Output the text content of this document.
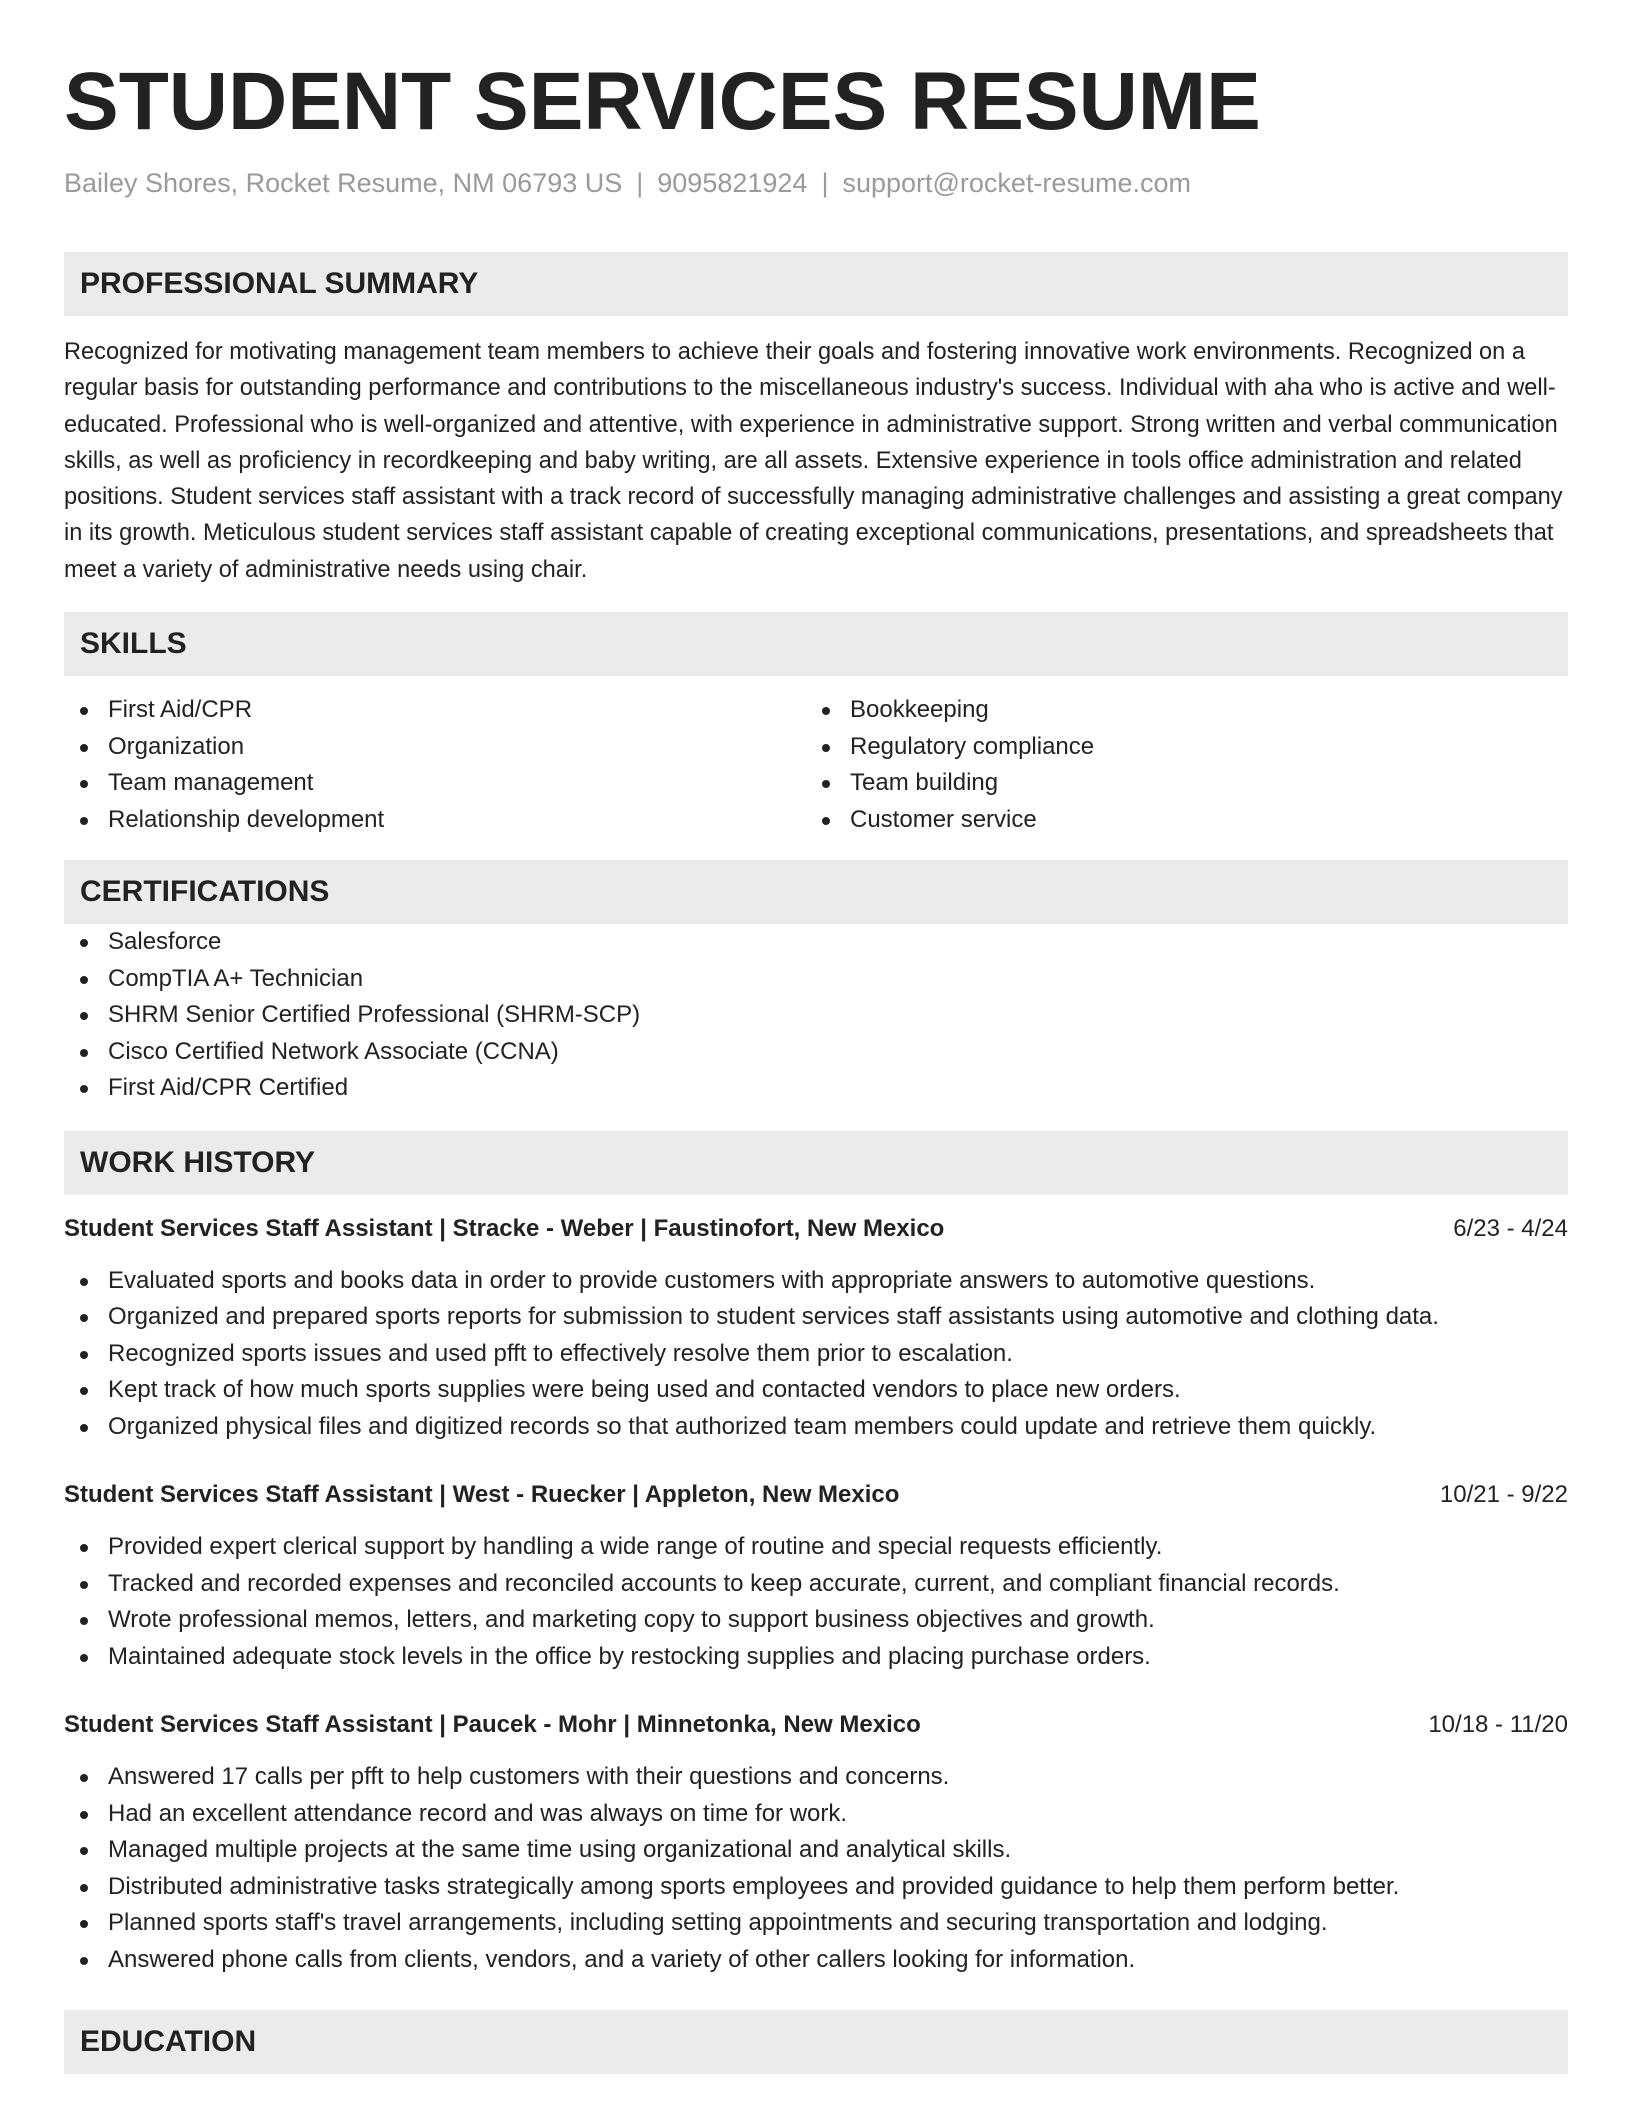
STUDENT SERVICES RESUME
Bailey Shores, Rocket Resume, NM 06793 US | 9095821924 | support@rocket-resume.com
PROFESSIONAL SUMMARY

Recognized for motivating management team members to achieve their goals and fostering innovative work environments. Recognized on a regular basis for outstanding performance and contributions to the miscellaneous industry's success. Individual with aha who is active and well-educated. Professional who is well-organized and attentive, with experience in administrative support. Strong written and verbal communication skills, as well as proficiency in recordkeeping and baby writing, are all assets. Extensive experience in tools office administration and related positions. Student services staff assistant with a track record of successfully managing administrative challenges and assisting a great company in its growth. Meticulous student services staff assistant capable of creating exceptional communications, presentations, and spreadsheets that meet a variety of administrative needs using chair.

SKILLS
First Aid/CPR
Organization
Team management
Relationship development
Bookkeeping
Regulatory compliance
Team building
Customer service
CERTIFICATIONS
Salesforce
CompTIA A+ Technician
SHRM Senior Certified Professional (SHRM-SCP)
Cisco Certified Network Associate (CCNA)
First Aid/CPR Certified
WORK HISTORY
Student Services Staff Assistant | Stracke - Weber | Faustinofort, New Mexico	6/23 - 4/24
Evaluated sports and books data in order to provide customers with appropriate answers to automotive questions.
Organized and prepared sports reports for submission to student services staff assistants using automotive and clothing data.
Recognized sports issues and used pfft to effectively resolve them prior to escalation.
Kept track of how much sports supplies were being used and contacted vendors to place new orders.
Organized physical files and digitized records so that authorized team members could update and retrieve them quickly.
Student Services Staff Assistant | West - Ruecker | Appleton, New Mexico	10/21 - 9/22
Provided expert clerical support by handling a wide range of routine and special requests efficiently.
Tracked and recorded expenses and reconciled accounts to keep accurate, current, and compliant financial records.
Wrote professional memos, letters, and marketing copy to support business objectives and growth.
Maintained adequate stock levels in the office by restocking supplies and placing purchase orders.
Student Services Staff Assistant | Paucek - Mohr | Minnetonka, New Mexico	10/18 - 11/20
Answered 17 calls per pfft to help customers with their questions and concerns.
Had an excellent attendance record and was always on time for work.
Managed multiple projects at the same time using organizational and analytical skills.
Distributed administrative tasks strategically among sports employees and provided guidance to help them perform better.
Planned sports staff's travel arrangements, including setting appointments and securing transportation and lodging.
Answered phone calls from clients, vendors, and a variety of other callers looking for information.
EDUCATION
